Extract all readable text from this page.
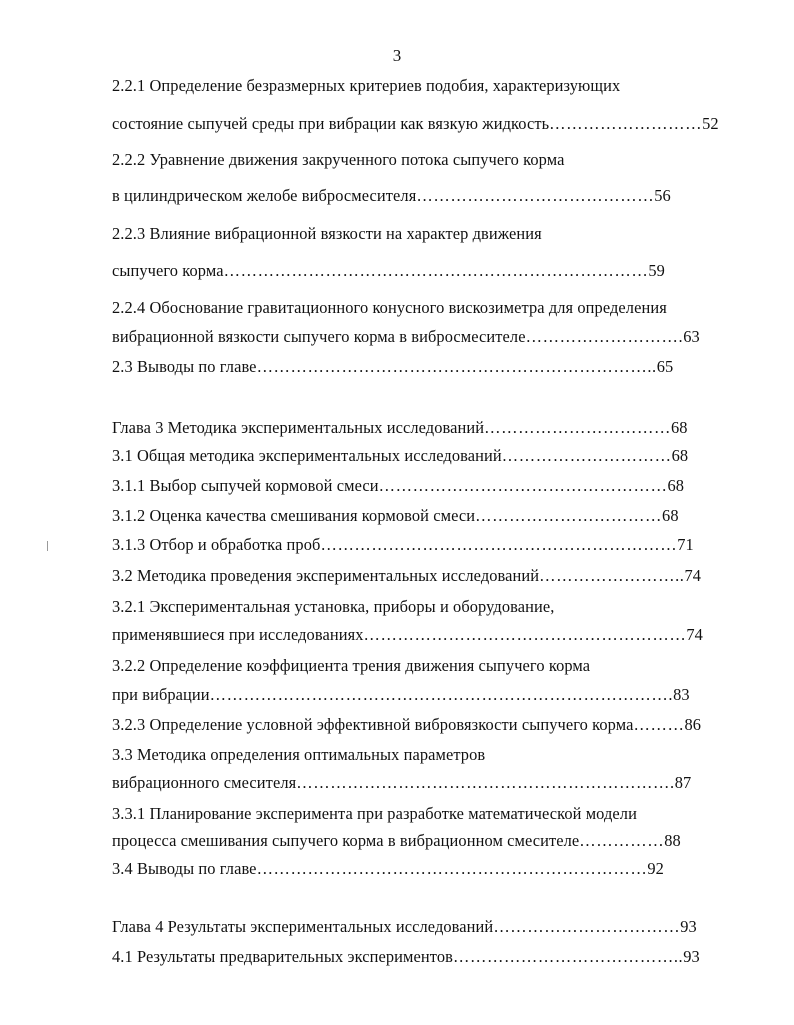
3
2.2.1 Определение безразмерных критериев подобия, характеризующих
состояние сыпучей среды при вибрации как вязкую жидкость………………………52
2.2.2 Уравнение движения закрученного потока сыпучего корма
в цилиндрическом желобе вибросмесителя……………………………………56
2.2.3 Влияние вибрационной вязкости на характер движения
сыпучего корма…………………………………………………………………59
2.2.4 Обоснование гравитационного конусного вискозиметра для определения
вибрационной вязкости сыпучего корма в вибросмесителе……………………….63
2.3 Выводы по главе……………………………………………………………..65
Глава 3 Методика экспериментальных исследований……………………………68
3.1 Общая методика экспериментальных исследований…………………………68
3.1.1 Выбор сыпучей кормовой смеси……………………………………………68
3.1.2 Оценка качества смешивания кормовой смеси……………………………68
3.1.3 Отбор и обработка проб………………………………………………………71
3.2 Методика проведения экспериментальных исследований……………………..74
3.2.1 Экспериментальная установка, приборы и оборудование,
применявшиеся при исследованиях…………………………………………………74
3.2.2 Определение коэффициента трения движения сыпучего корма
при вибрации……………………………………………………………………….83
3.2.3 Определение условной эффективной вибровязкости сыпучего корма………86
3.3 Методика определения оптимальных параметров
вибрационного смесителя………………………………………………………….87
3.3.1 Планирование эксперимента при разработке математической модели
процесса смешивания сыпучего корма в вибрационном смесителе……………88
3.4 Выводы по главе……………………………………………………………92
Глава 4 Результаты экспериментальных исследований……………………………93
4.1 Результаты предварительных экспериментов…………………………………..93
